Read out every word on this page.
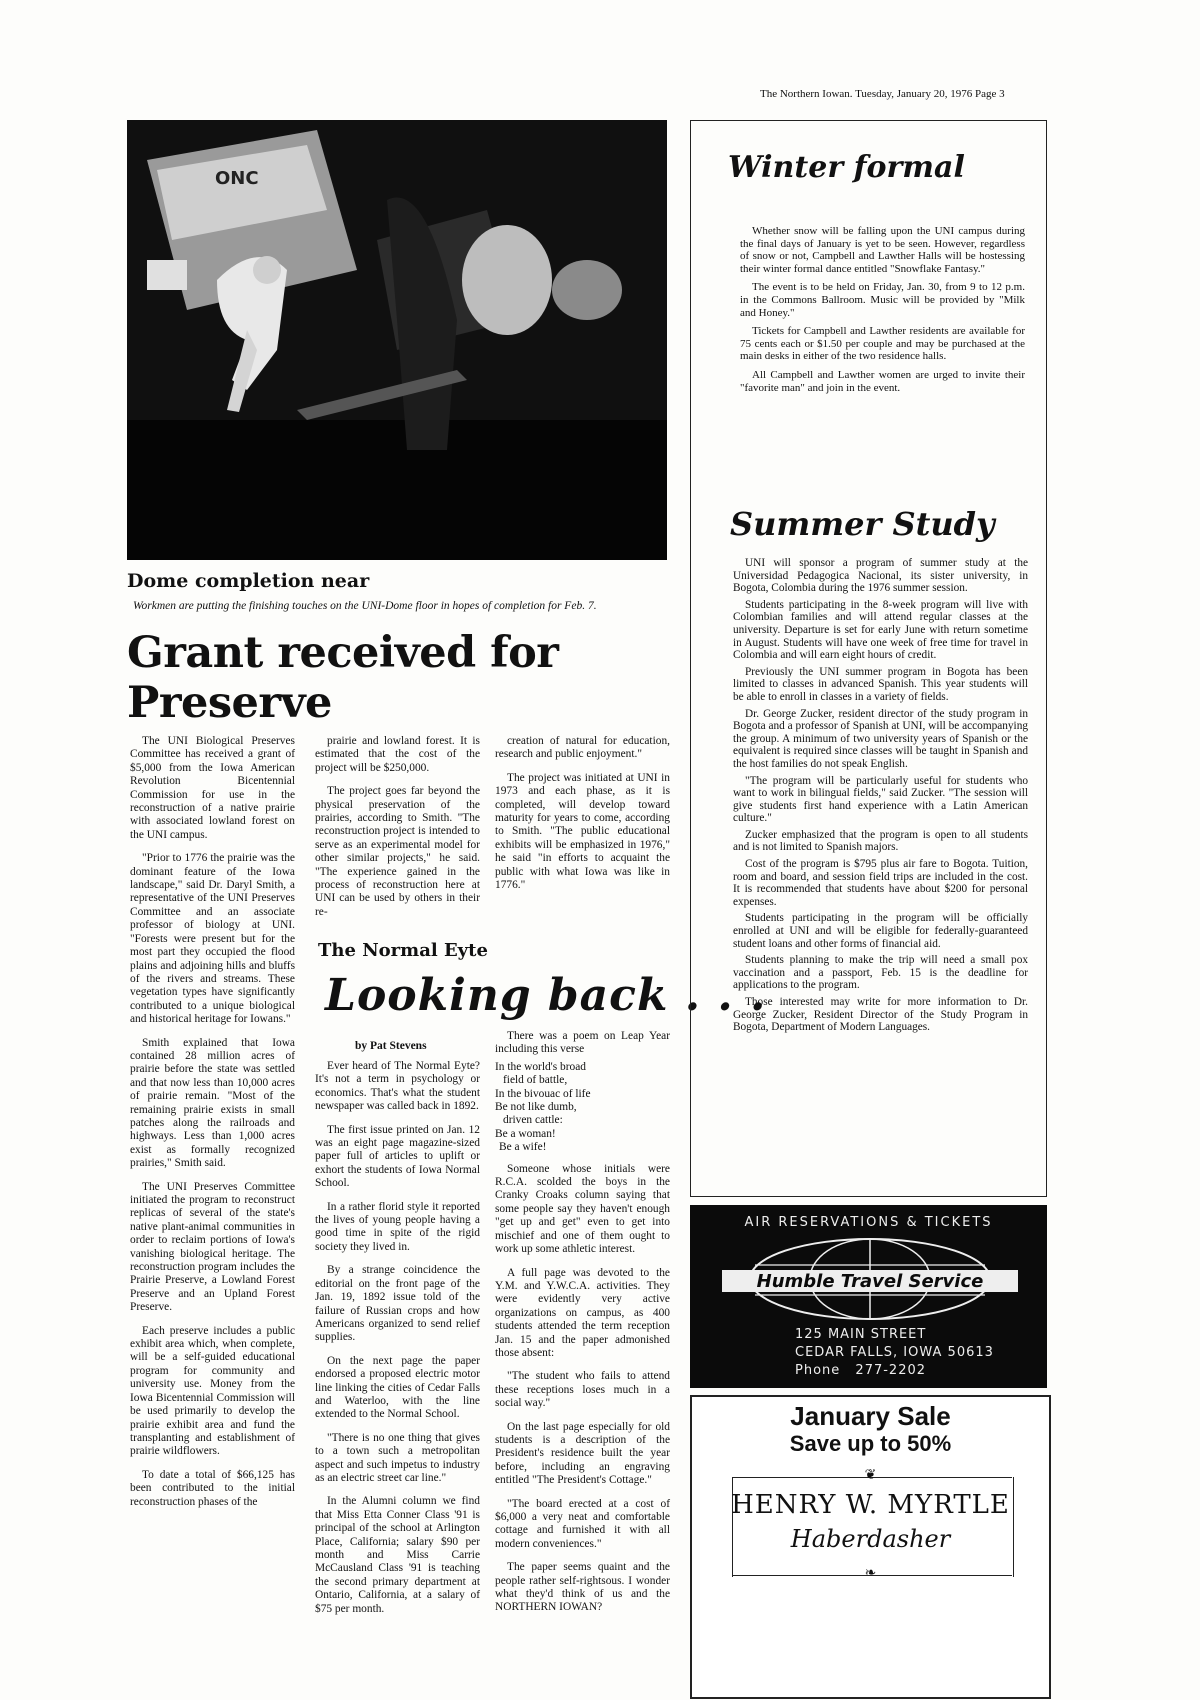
The Northern Iowan. Tuesday, January 20, 1976 Page 3
ONC
Dome completion near
Workmen are putting the finishing touches on the UNI-Dome floor in hopes of completion for Feb. 7.
Grant received for Preserve

The UNI Biological Preserves Committee has received a grant of $5,000 from the Iowa American Revolution Bicentennial Commission for use in the reconstruction of a native prairie with associated lowland forest on the UNI campus.

"Prior to 1776 the prairie was the dominant feature of the Iowa landscape," said Dr. Daryl Smith, a representative of the UNI Preserves Committee and an associate professor of biology at UNI. "Forests were present but for the most part they occupied the flood plains and adjoining hills and bluffs of the rivers and streams. These vegetation types have significantly contributed to a unique biological and historical heritage for Iowans."

Smith explained that Iowa contained 28 million acres of prairie before the state was settled and that now less than 10,000 acres of prairie remain. "Most of the remaining prairie exists in small patches along the railroads and highways. Less than 1,000 acres exist as formally recognized prairies," Smith said.

The UNI Preserves Committee initiated the program to reconstruct replicas of several of the state's native plant-animal communities in order to reclaim portions of Iowa's vanishing biological heritage. The reconstruction program includes the Prairie Preserve, a Lowland Forest Preserve and an Upland Forest Preserve.

Each preserve includes a public exhibit area which, when complete, will be a self-guided educational program for community and university use. Money from the Iowa Bicentennial Commission will be used primarily to develop the prairie exhibit area and fund the transplanting and establishment of prairie wildflowers.

To date a total of $66,125 has been contributed to the initial reconstruction phases of the

prairie and lowland forest. It is estimated that the cost of the project will be $250,000.

The project goes far beyond the physical preservation of the prairies, according to Smith. "The reconstruction project is intended to serve as an experimental model for other similar projects," he said. "The experience gained in the process of reconstruction here at UNI can be used by others in their re-

creation of natural for education, research and public enjoyment."

The project was initiated at UNI in 1973 and each phase, as it is completed, will develop toward maturity for years to come, according to Smith. "The public educational exhibits will be emphasized in 1976," he said "in efforts to acquaint the public with what Iowa was like in 1776."

The Normal Eyte
Looking back . . .
by Pat Stevens

Ever heard of The Normal Eyte? It's not a term in psychology or economics. That's what the student newspaper was called back in 1892.

The first issue printed on Jan. 12 was an eight page magazine-sized paper full of articles to uplift or exhort the students of Iowa Normal School.

In a rather florid style it reported the lives of young people having a good time in spite of the rigid society they lived in.

By a strange coincidence the editorial on the front page of the Jan. 19, 1892 issue told of the failure of Russian crops and how Americans organized to send relief supplies.

On the next page the paper endorsed a proposed electric motor line linking the cities of Cedar Falls and Waterloo, with the line extended to the Normal School.

"There is no one thing that gives to a town such a metropolitan aspect and such impetus to industry as an electric street car line."

In the Alumni column we find that Miss Etta Conner Class '91 is principal of the school at Arlington Place, California; salary $90 per month and Miss Carrie McCausland Class '91 is teaching the second primary department at Ontario, California, at a salary of $75 per month.

There was a poem on Leap Year including this verse

In the world's broad
field of battle,
In the bivouac of life
Be not like dumb,
driven cattle:
Be a woman!
Be a wife!

Someone whose initials were R.C.A. scolded the boys in the Cranky Croaks column saying that some people say they haven't enough "get up and get" even to get into mischief and one of them ought to work up some athletic interest.

A full page was devoted to the Y.M. and Y.W.C.A. activities. They were evidently very active organizations on campus, as 400 students attended the term reception Jan. 15 and the paper admonished those absent:

"The student who fails to attend these receptions loses much in a social way."

On the last page especially for old students is a description of the President's residence built the year before, including an engraving entitled "The President's Cottage."

"The board erected at a cost of $6,000 a very neat and comfortable cottage and furnished it with all modern conveniences."

The paper seems quaint and the people rather self-rightsous. I wonder what they'd think of us and the NORTHERN IOWAN?

Winter formal

Whether snow will be falling upon the UNI campus during the final days of January is yet to be seen. However, regardless of snow or not, Campbell and Lawther Halls will be hostessing their winter formal dance entitled "Snowflake Fantasy."

The event is to be held on Friday, Jan. 30, from 9 to 12 p.m. in the Commons Ballroom. Music will be provided by "Milk and Honey."

Tickets for Campbell and Lawther residents are available for 75 cents each or $1.50 per couple and may be purchased at the main desks in either of the two residence halls.

All Campbell and Lawther women are urged to invite their "favorite man" and join in the event.

Summer Study

UNI will sponsor a program of summer study at the Universidad Pedagogica Nacional, its sister university, in Bogota, Colombia during the 1976 summer session.

Students participating in the 8-week program will live with Colombian families and will attend regular classes at the university. Departure is set for early June with return sometime in August. Students will have one week of free time for travel in Colombia and will earn eight hours of credit.

Previously the UNI summer program in Bogota has been limited to classes in advanced Spanish. This year students will be able to enroll in classes in a variety of fields.

Dr. George Zucker, resident director of the study program in Bogota and a professor of Spanish at UNI, will be accompanying the group. A minimum of two university years of Spanish or the equivalent is required since classes will be taught in Spanish and the host families do not speak English.

"The program will be particularly useful for students who want to work in bilingual fields," said Zucker. "The session will give students first hand experience with a Latin American culture."

Zucker emphasized that the program is open to all students and is not limited to Spanish majors.

Cost of the program is $795 plus air fare to Bogota. Tuition, room and board, and session field trips are included in the cost. It is recommended that students have about $200 for personal expenses.

Students participating in the program will be officially enrolled at UNI and will be eligible for federally-guaranteed student loans and other forms of financial aid.

Students planning to make the trip will need a small pox vaccination and a passport, Feb. 15 is the deadline for applications to the program.

Those interested may write for more information to Dr. George Zucker, Resident Director of the Study Program in Bogota, Department of Modern Languages.

AIR RESERVATIONS & TICKETS
Humble Travel Service
125 MAIN STREET
CEDAR FALLS, IOWA 50613
Phone 277-2202
January Sale
Save up to 50%
❦
HENRY W. MYRTLE
Haberdasher
❧
